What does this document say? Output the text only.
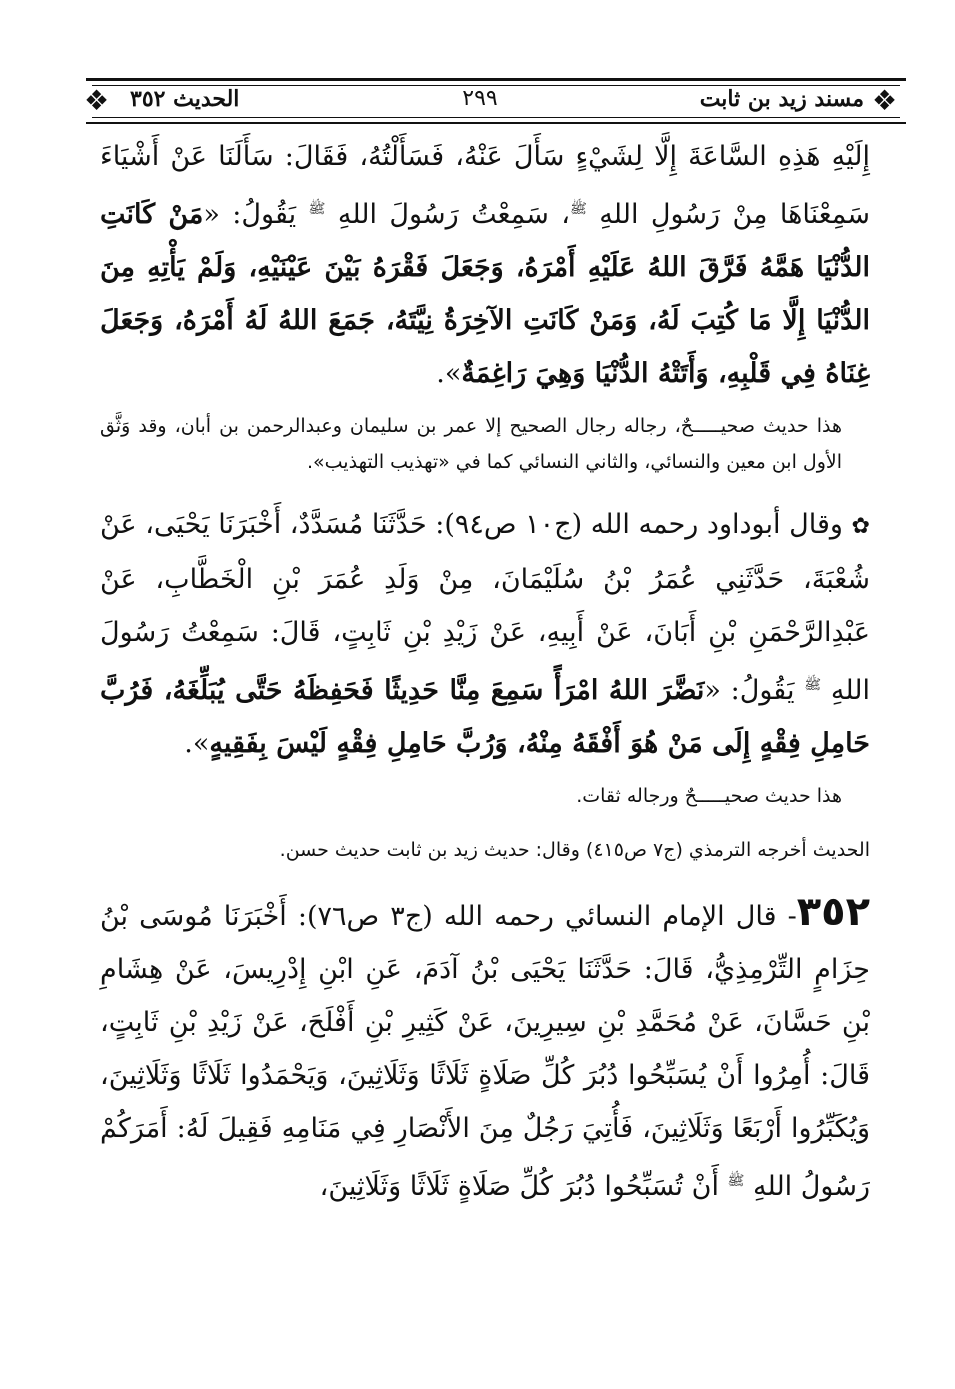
❖
❖	مسند زيد بن ثابت
٢٩٩
الحديث ٣٥٢

إِلَيْهِ هَذِهِ السَّاعَةَ إِلَّا لِشَيْءٍ سَأَلَ عَنْهُ، فَسَأَلْتُهُ، فَقَالَ: سَأَلَنَا عَنْ أَشْيَاءَ سَمِعْنَاهَا مِنْ رَسُولِ اللهِ $^ﷺ$، سَمِعْتُ رَسُولَ اللهِ $^ﷺ$ يَقُولُ: «مَنْ كَانَتِ الدُّنْيَا هَمَّهُ فَرَّقَ اللهُ عَلَيْهِ أَمْرَهُ، وَجَعَلَ فَقْرَهُ بَيْنَ عَيْنَيْهِ، وَلَمْ يَأْتِهِ مِنَ الدُّنْيَا إِلَّا مَا كُتِبَ لَهُ، وَمَنْ كَانَتِ الآخِرَةُ نِيَّتَهُ، جَمَعَ اللهُ لَهُ أَمْرَهُ، وَجَعَلَ غِنَاهُ فِي قَلْبِهِ، وَأَتَتْهُ الدُّنْيَا وَهِيَ رَاغِمَةٌ».

هذا حديث صحيـــــحٌ، رجاله رجال الصحيح إلا عمر بن سليمان وعبدالرحمن بن أبان، وقد وَثَّق الأول ابن معين والنسائي، والثاني النسائي كما في «تهذيب التهذيب».

✿ وقال أبوداود رحمه الله (ج١٠ ص٩٤): حَدَّثَنَا مُسَدَّدٌ، أَخْبَرَنَا يَحْيَى، عَنْ شُعْبَةَ، حَدَّثَنِي عُمَرُ بْنُ سُلَيْمَانَ، مِنْ وَلَدِ عُمَرَ بْنِ الْخَطَّابِ، عَنْ عَبْدِالرَّحْمَنِ بْنِ أَبَانَ، عَنْ أَبِيهِ، عَنْ زَيْدِ بْنِ ثَابِتٍ، قَالَ: سَمِعْتُ رَسُولَ اللهِ $^ﷺ$ يَقُولُ: «نَضَّرَ اللهُ امْرَأً سَمِعَ مِنَّا حَدِيثًا فَحَفِظَهُ حَتَّى يُبَلِّغَهُ، فَرُبَّ حَامِلِ فِقْهٍ إِلَى مَنْ هُوَ أَفْقَهُ مِنْهُ، وَرُبَّ حَامِلِ فِقْهٍ لَيْسَ بِفَقِيهٍ».

هذا حديث صحيـــــحٌ ورجاله ثقات.

الحديث أخرجه الترمذي (ج٧ ص٤١٥) وقال: حديث زيد بن ثابت حديث حسن.

٣٥٢- قال الإمام النسائي رحمه الله (ج٣ ص٧٦): أَخْبَرَنَا مُوسَى بْنُ حِزَامٍ التِّرْمِذِيُّ، قَالَ: حَدَّثَنَا يَحْيَى بْنُ آدَمَ، عَنِ ابْنِ إِدْرِيسَ، عَنْ هِشَامِ بْنِ حَسَّانَ، عَنْ مُحَمَّدِ بْنِ سِيرِينَ، عَنْ كَثِيرِ بْنِ أَفْلَحَ، عَنْ زَيْدِ بْنِ ثَابِتٍ، قَالَ: أُمِرُوا أَنْ يُسَبِّحُوا دُبُرَ كُلِّ صَلَاةٍ ثَلَاثًا وَثَلَاثِينَ، وَيَحْمَدُوا ثَلَاثًا وَثَلَاثِينَ، وَيُكَبِّرُوا أَرْبَعًا وَثَلَاثِينَ، فَأُتِيَ رَجُلٌ مِنَ الأَنْصَارِ فِي مَنَامِهِ فَقِيلَ لَهُ: أَمَرَكُمْ رَسُولُ اللهِ $^ﷺ$ أَنْ تُسَبِّحُوا دُبُرَ كُلِّ صَلَاةٍ ثَلَاثًا وَثَلَاثِينَ،
